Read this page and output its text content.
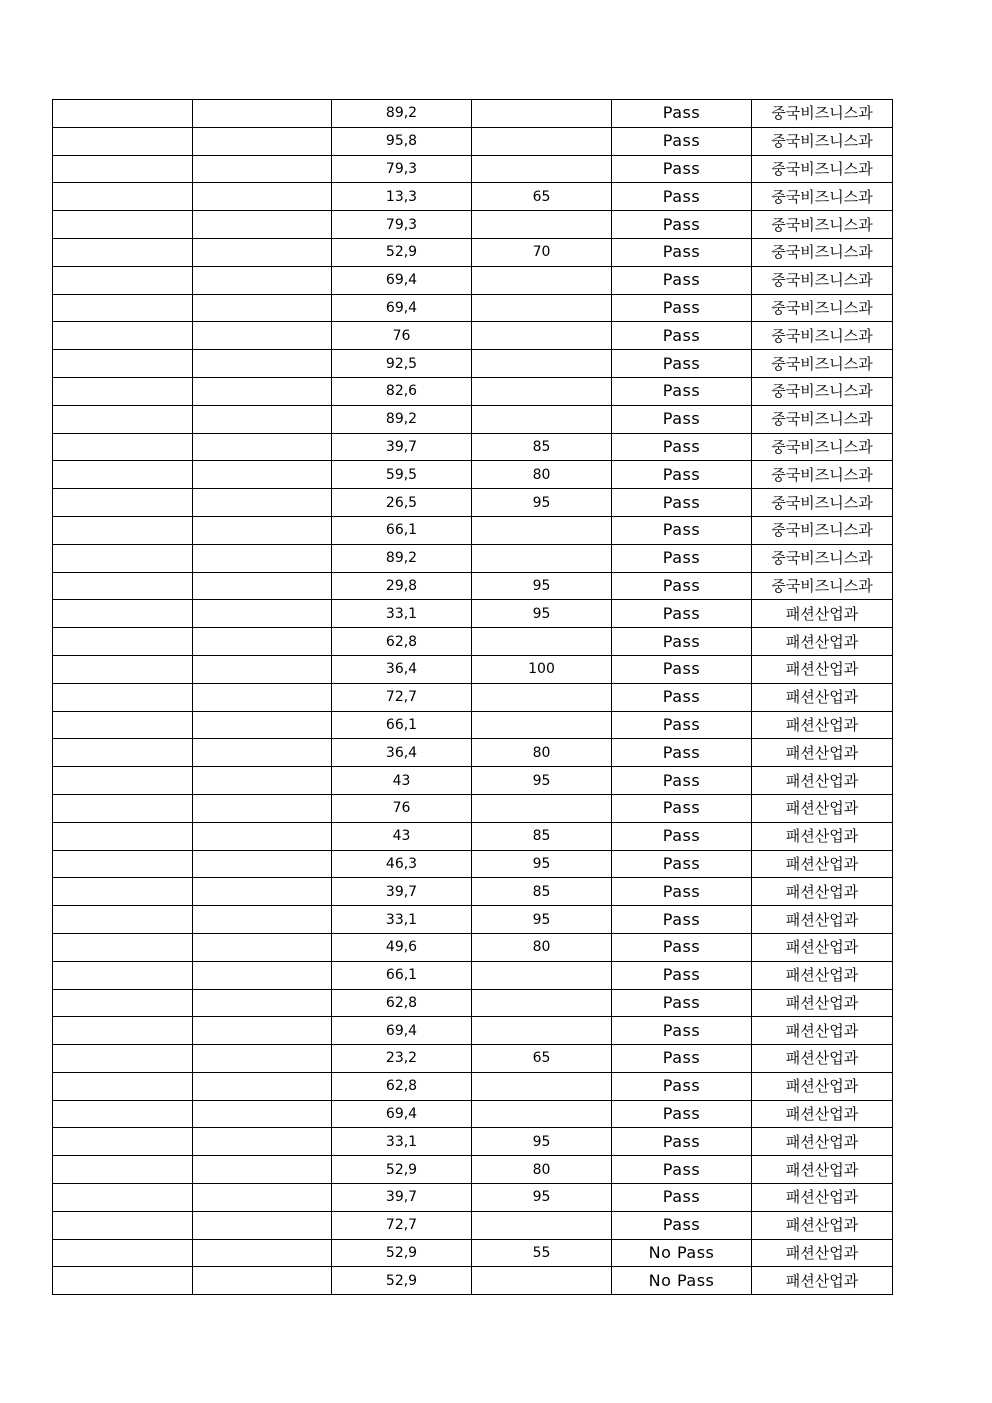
		89,2		Pass	중국비즈니스과
		95,8		Pass	중국비즈니스과
		79,3		Pass	중국비즈니스과
		13,3	65	Pass	중국비즈니스과
		79,3		Pass	중국비즈니스과
		52,9	70	Pass	중국비즈니스과
		69,4		Pass	중국비즈니스과
		69,4		Pass	중국비즈니스과
		76		Pass	중국비즈니스과
		92,5		Pass	중국비즈니스과
		82,6		Pass	중국비즈니스과
		89,2		Pass	중국비즈니스과
		39,7	85	Pass	중국비즈니스과
		59,5	80	Pass	중국비즈니스과
		26,5	95	Pass	중국비즈니스과
		66,1		Pass	중국비즈니스과
		89,2		Pass	중국비즈니스과
		29,8	95	Pass	중국비즈니스과
		33,1	95	Pass	패션산업과
		62,8		Pass	패션산업과
		36,4	100	Pass	패션산업과
		72,7		Pass	패션산업과
		66,1		Pass	패션산업과
		36,4	80	Pass	패션산업과
		43	95	Pass	패션산업과
		76		Pass	패션산업과
		43	85	Pass	패션산업과
		46,3	95	Pass	패션산업과
		39,7	85	Pass	패션산업과
		33,1	95	Pass	패션산업과
		49,6	80	Pass	패션산업과
		66,1		Pass	패션산업과
		62,8		Pass	패션산업과
		69,4		Pass	패션산업과
		23,2	65	Pass	패션산업과
		62,8		Pass	패션산업과
		69,4		Pass	패션산업과
		33,1	95	Pass	패션산업과
		52,9	80	Pass	패션산업과
		39,7	95	Pass	패션산업과
		72,7		Pass	패션산업과
		52,9	55	No Pass	패션산업과
		52,9		No Pass	패션산업과
